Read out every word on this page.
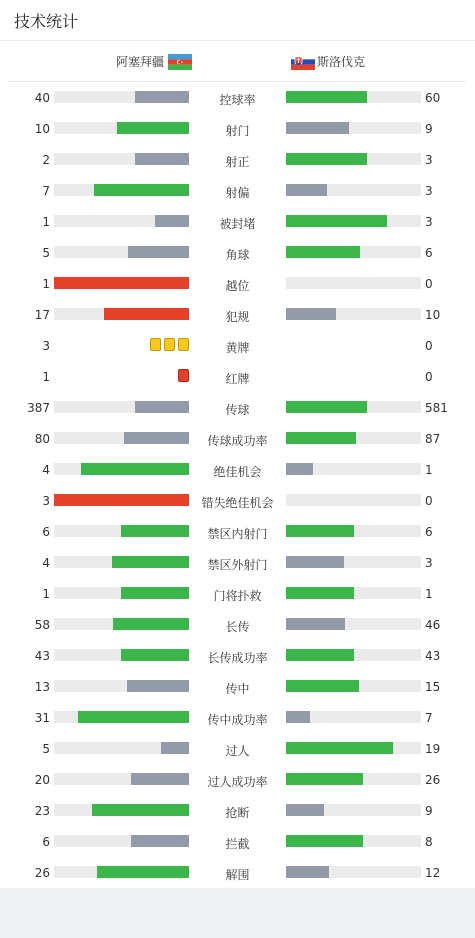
技术统计
阿塞拜疆	斯洛伐克
40	控球率	60
10	射门	9
2	射正	3
7	射偏	3
1	被封堵	3
5	角球	6
1	越位	0
17	犯规	10
3	黄牌	0
1	红牌	0
387	传球	581
80	传球成功率	87
4	绝佳机会	1
3	错失绝佳机会	0
6	禁区内射门	6
4	禁区外射门	3
1	门将扑救	1
58	长传	46
43	长传成功率	43
13	传中	15
31	传中成功率	7
5	过人	19
20	过人成功率	26
23	抢断	9
6	拦截	8
26	解围	12
